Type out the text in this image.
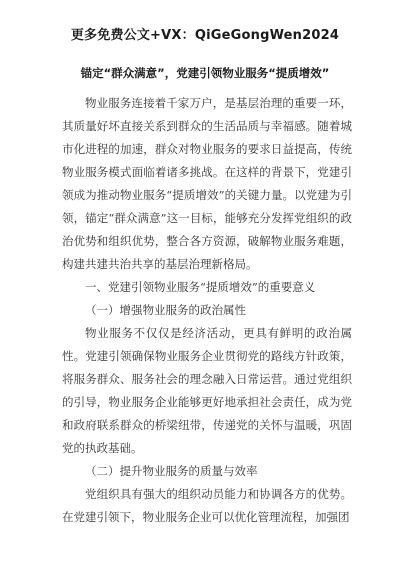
更多免费公文+VX：QiGeGongWen2024
锚定“群众满意”，党建引领物业服务“提质增效”

物业服务连接着千家万户，是基层治理的重要一环，其质量好坏直接关系到群众的生活品质与幸福感。随着城市化进程的加速，群众对物业服务的要求日益提高，传统物业服务模式面临着诸多挑战。在这样的背景下，党建引领成为推动物业服务“提质增效”的关键力量。以党建为引领，锚定“群众满意”这一目标，能够充分发挥党组织的政治优势和组织优势，整合各方资源，破解物业服务难题，构建共建共治共享的基层治理新格局。

一、党建引领物业服务“提质增效”的重要意义

（一）增强物业服务的政治属性

物业服务不仅仅是经济活动，更具有鲜明的政治属性。党建引领确保物业服务企业贯彻党的路线方针政策，将服务群众、服务社会的理念融入日常运营。通过党组织的引导，物业服务企业能够更好地承担社会责任，成为党和政府联系群众的桥梁纽带，传递党的关怀与温暖，巩固党的执政基础。

（二）提升物业服务的质量与效率

党组织具有强大的组织动员能力和协调各方的优势。在党建引领下，物业服务企业可以优化管理流程，加强团
